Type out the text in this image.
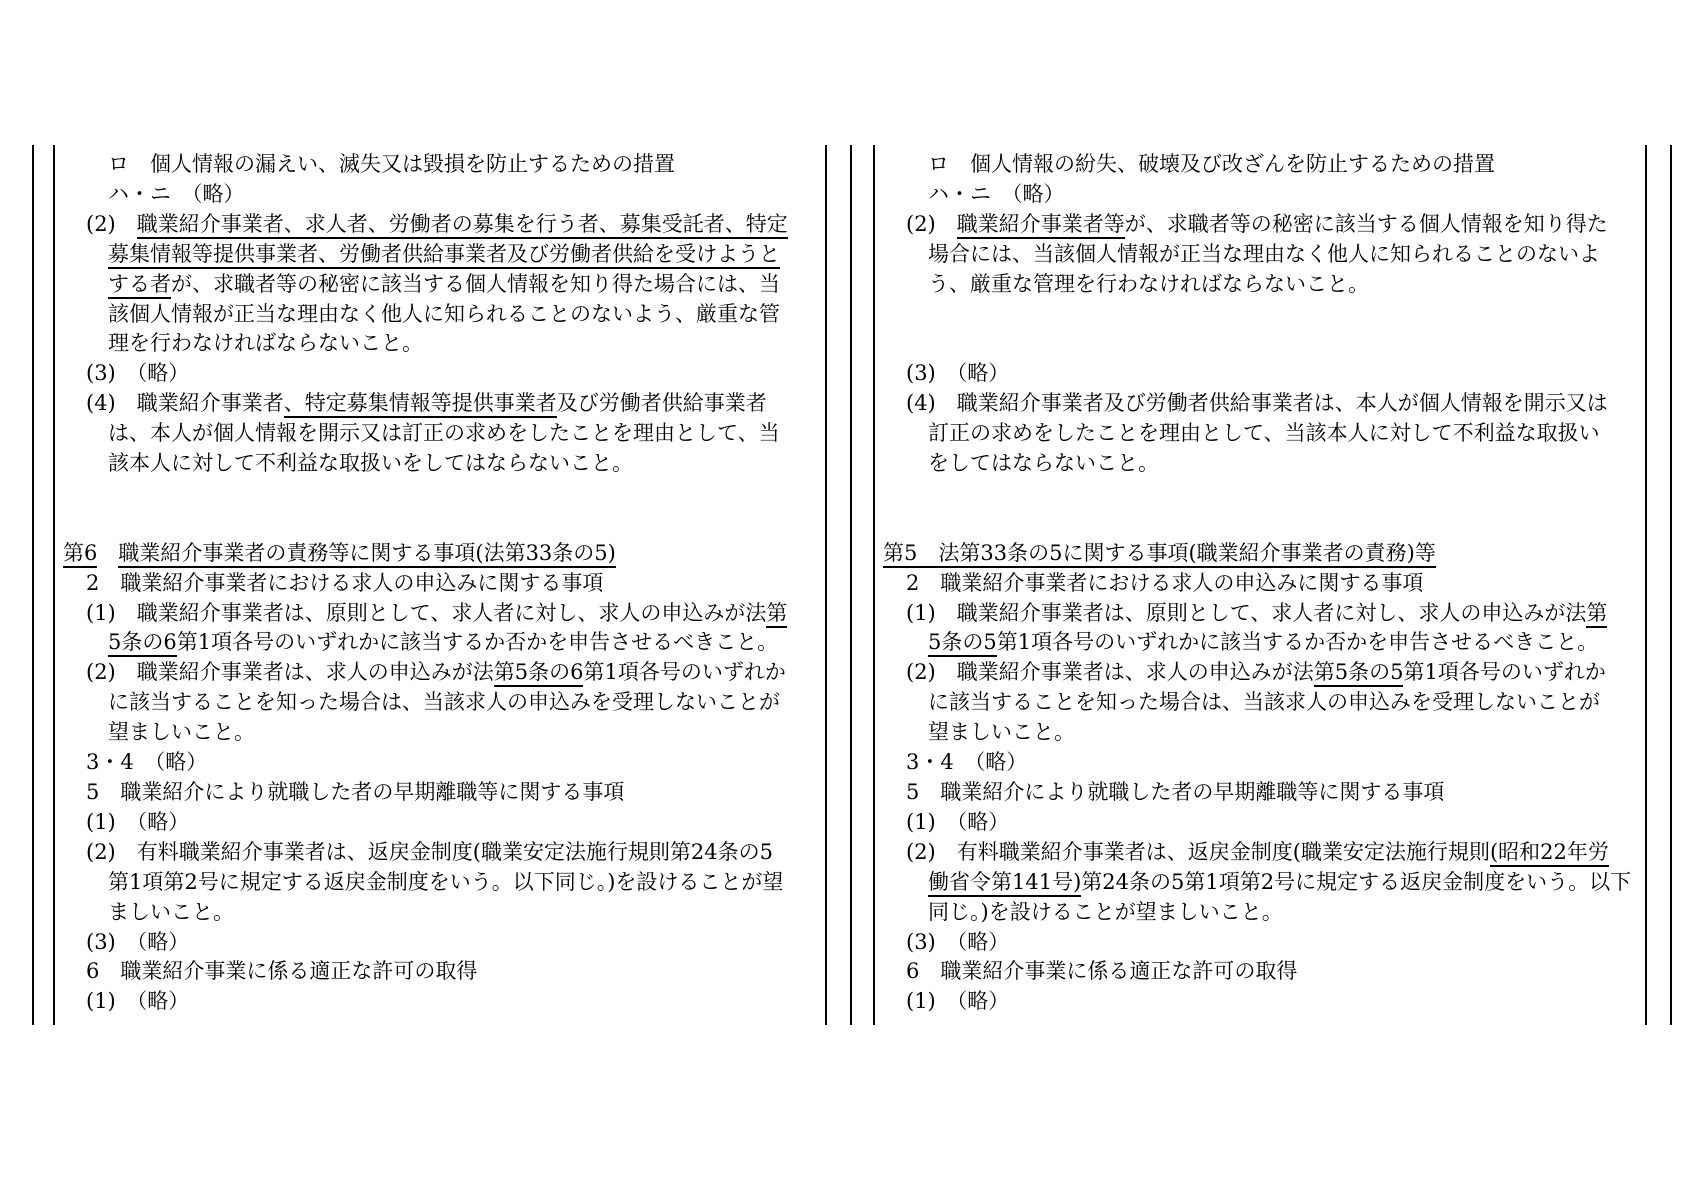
ロ　個人情報の漏えい、滅失又は毀損を防止するための措置
ハ・ニ　（略）
(2)　職業紹介事業者、求人者、労働者の募集を行う者、募集受託者、特定
募集情報等提供事業者、労働者供給事業者及び労働者供給を受けようと
する者が、求職者等の秘密に該当する個人情報を知り得た場合には、当
該個人情報が正当な理由なく他人に知られることのないよう、厳重な管
理を行わなければならないこと。
(3)　（略）
(4)　職業紹介事業者、特定募集情報等提供事業者及び労働者供給事業者
は、本人が個人情報を開示又は訂正の求めをしたことを理由として、当
該本人に対して不利益な取扱いをしてはならないこと。
第6　 職業紹介事業者の責務等に関する事項(法第33条の5)
2　職業紹介事業者における求人の申込みに関する事項
(1)　職業紹介事業者は、原則として、求人者に対し、求人の申込みが法第
5条の6第1項各号のいずれかに該当するか否かを申告させるべきこと。
(2)　職業紹介事業者は、求人の申込みが法第5条の6第1項各号のいずれか
に該当することを知った場合は、当該求人の申込みを受理しないことが
望ましいこと。
3・4　（略）
5　職業紹介により就職した者の早期離職等に関する事項
(1)　（略）
(2)　有料職業紹介事業者は、返戻金制度(職業安定法施行規則第24条の5
第1項第2号に規定する返戻金制度をいう。以下同じ。)を設けることが望
ましいこと。
(3)　（略）
6　職業紹介事業に係る適正な許可の取得
(1)　（略）
ロ　個人情報の紛失、破壊及び改ざんを防止するための措置
ハ・ニ　（略）
(2)　職業紹介事業者等が、求職者等の秘密に該当する個人情報を知り得た
場合には、当該個人情報が正当な理由なく他人に知られることのないよ
う、厳重な管理を行わなければならないこと。
(3)　（略）
(4)　職業紹介事業者及び労働者供給事業者は、本人が個人情報を開示又は
訂正の求めをしたことを理由として、当該本人に対して不利益な取扱い
をしてはならないこと。
第5　法第33条の5に関する事項(職業紹介事業者の責務)等
2　職業紹介事業者における求人の申込みに関する事項
(1)　職業紹介事業者は、原則として、求人者に対し、求人の申込みが法第
5条の5第1項各号のいずれかに該当するか否かを申告させるべきこと。
(2)　職業紹介事業者は、求人の申込みが法第5条の5第1項各号のいずれか
に該当することを知った場合は、当該求人の申込みを受理しないことが
望ましいこと。
3・4　（略）
5　職業紹介により就職した者の早期離職等に関する事項
(1)　（略）
(2)　有料職業紹介事業者は、返戻金制度(職業安定法施行規則(昭和22年労
働省令第141号)第24条の5第1項第2号に規定する返戻金制度をいう。以下
同じ。)を設けることが望ましいこと。
(3)　（略）
6　職業紹介事業に係る適正な許可の取得
(1)　（略）
